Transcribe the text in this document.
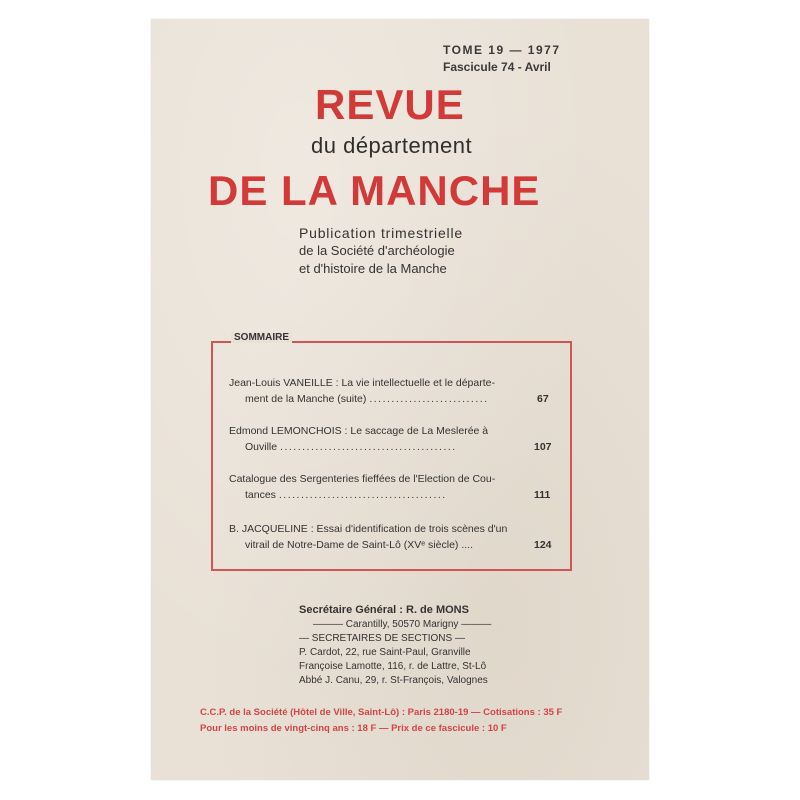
TOME 19 — 1977
Fascicule 74 - Avril
REVUE
du département
DE LA MANCHE
Publication trimestrielle
de la Société d'archéologie
et d'histoire de la Manche
SOMMAIRE
Jean-Louis VANEILLE : La vie intellectuelle et le départe-
ment de la Manche (suite) ...........................	67
Edmond LEMONCHOIS : Le saccage de La Meslerée à
Ouville ........................................	107
Catalogue des Sergenteries fieffées de l'Election de Cou-
tances ......................................	111
B. JACQUELINE : Essai d'identification de trois scènes d'un
vitrail de Notre-Dame de Saint-Lô (XVᵉ siècle) ....	124
Secrétaire Général : R. de MONS
——— Carantilly, 50570 Marigny ———
— SECRETAIRES DE SECTIONS —
P. Cardot, 22, rue Saint-Paul, Granville
Françoise Lamotte, 116, r. de Lattre, St-Lô
Abbé J. Canu, 29, r. St-François, Valognes
C.C.P. de la Société (Hôtel de Ville, Saint-Lô) : Paris 2180-19 — Cotisations : 35 F
Pour les moins de vingt-cinq ans : 18 F — Prix de ce fascicule : 10 F
